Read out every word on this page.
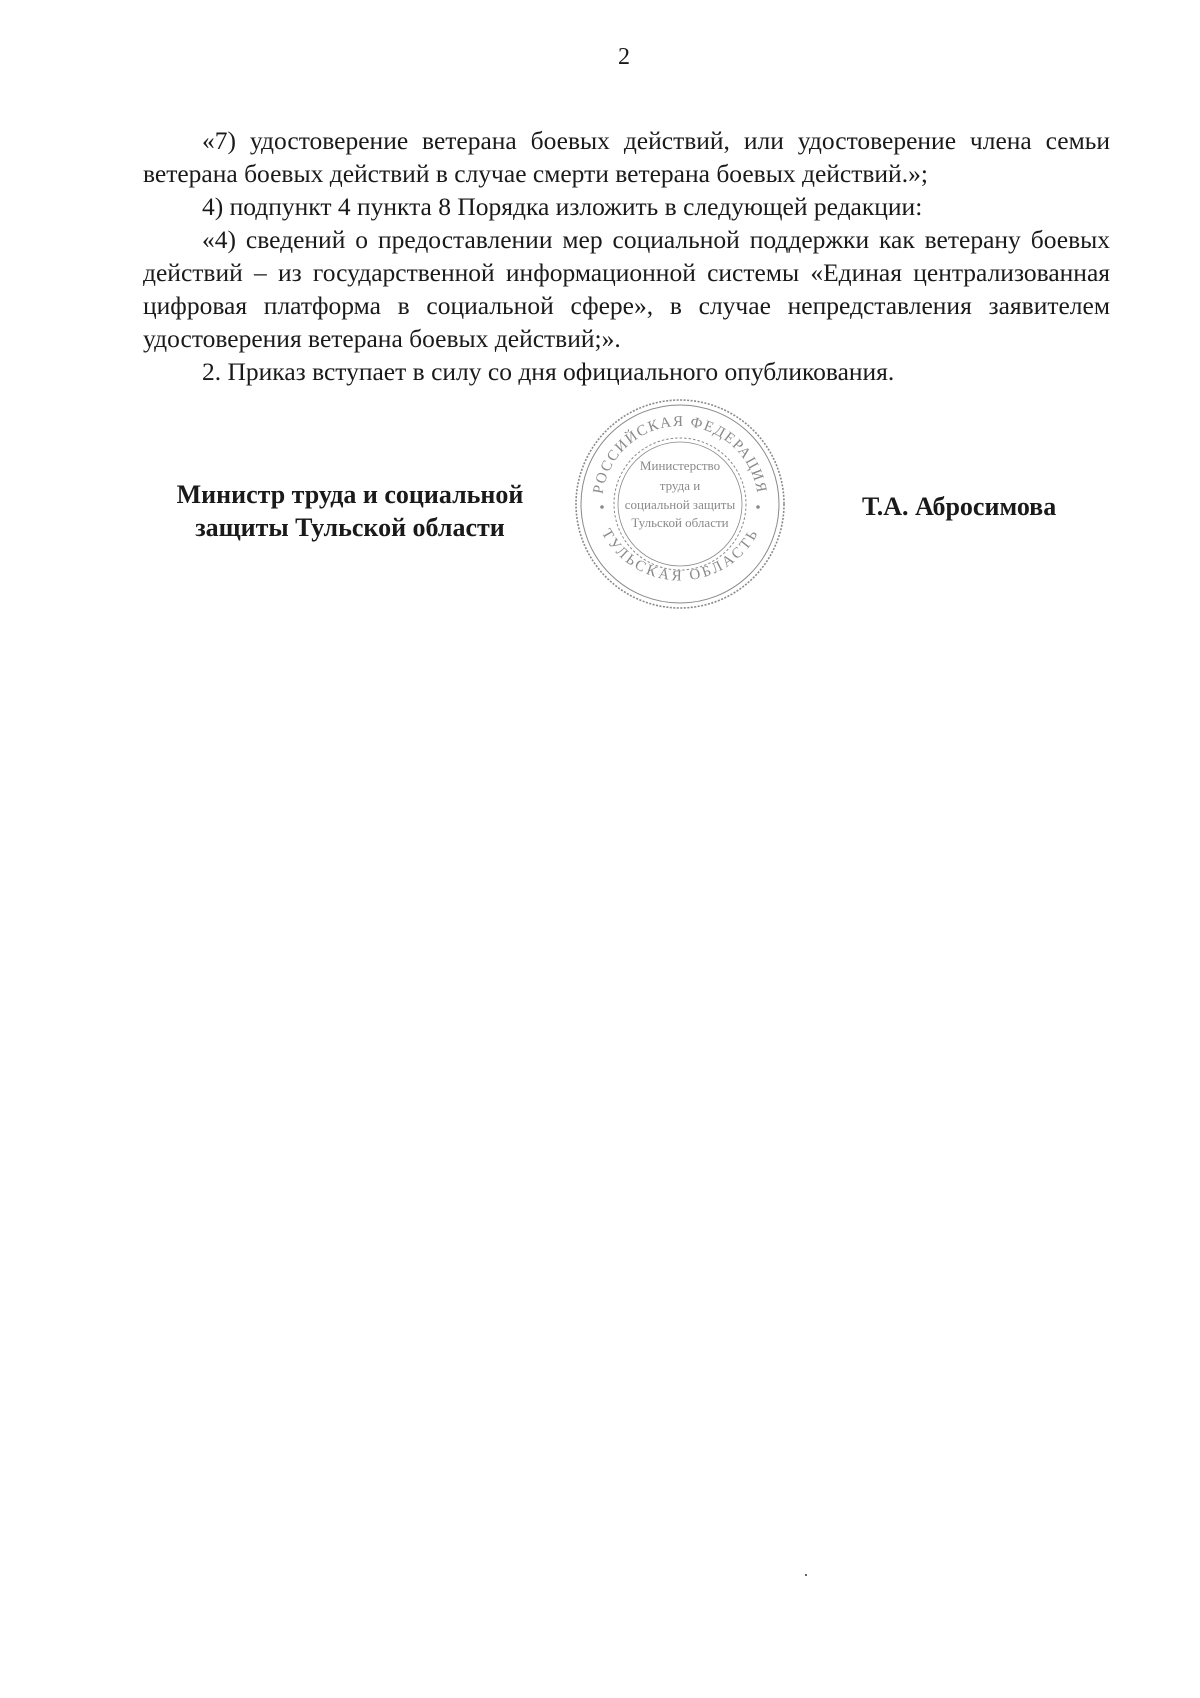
2

«7) удостоверение ветерана боевых действий, или удостоверение члена семьи ветерана боевых действий в случае смерти ветерана боевых действий.»;

4) подпункт 4 пункта 8 Порядка изложить в следующей редакции:

«4) сведений о предоставлении мер социальной поддержки как ветерану боевых действий – из государственной информационной системы «Единая централизованная цифровая платформа в социальной сфере», в случае непредставления заявителем удостоверения ветерана боевых действий;».

2. Приказ вступает в силу со дня официального опубликования.

Министр труда и социальной
защиты Тульской области
РОССИЙСКАЯ ФЕДЕРАЦИЯ
ТУЛЬСКАЯ ОБЛАСТЬ
Министерство
труда и
социальной защиты
Тульской области
Т.А. Абросимова
